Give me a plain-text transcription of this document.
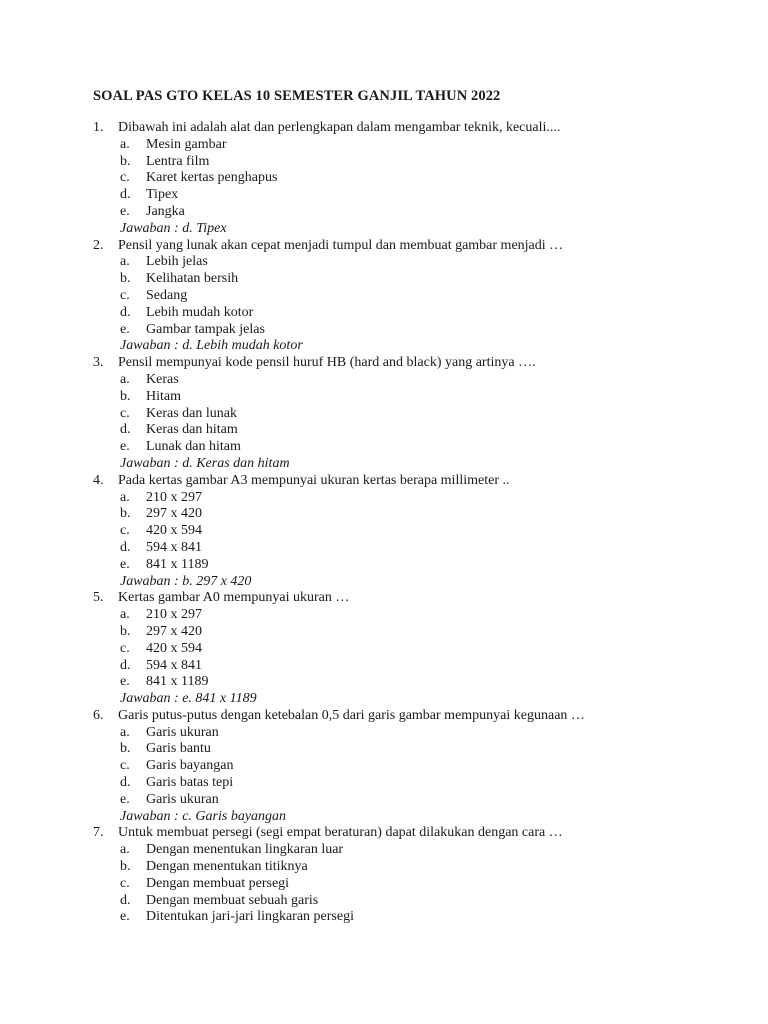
SOAL PAS GTO KELAS 10 SEMESTER GANJIL TAHUN 2022
1. Dibawah ini adalah alat dan perlengkapan dalam mengambar teknik, kecuali....
a. Mesin gambar
b. Lentra film
c. Karet kertas penghapus
d. Tipex
e. Jangka
Jawaban : d. Tipex
2. Pensil yang lunak akan cepat menjadi tumpul dan membuat gambar menjadi …
a. Lebih jelas
b. Kelihatan bersih
c. Sedang
d. Lebih mudah kotor
e. Gambar tampak jelas
Jawaban : d. Lebih mudah kotor
3. Pensil mempunyai kode pensil huruf HB (hard and black) yang artinya ….
a. Keras
b. Hitam
c. Keras dan lunak
d. Keras dan hitam
e. Lunak dan hitam
Jawaban : d. Keras dan hitam
4. Pada kertas gambar A3 mempunyai ukuran kertas berapa millimeter ..
a. 210 x 297
b. 297 x 420
c. 420 x 594
d. 594 x 841
e. 841 x 1189
Jawaban : b. 297 x 420
5. Kertas gambar A0 mempunyai ukuran …
a. 210 x 297
b. 297 x 420
c. 420 x 594
d. 594 x 841
e. 841 x 1189
Jawaban : e. 841 x 1189
6. Garis putus-putus dengan ketebalan 0,5 dari garis gambar mempunyai kegunaan …
a. Garis ukuran
b. Garis bantu
c. Garis bayangan
d. Garis batas tepi
e. Garis ukuran
Jawaban : c. Garis bayangan
7. Untuk membuat persegi (segi empat beraturan) dapat dilakukan dengan cara …
a. Dengan menentukan lingkaran luar
b. Dengan menentukan titiknya
c. Dengan membuat persegi
d. Dengan membuat sebuah garis
e. Ditentukan jari-jari lingkaran persegi
